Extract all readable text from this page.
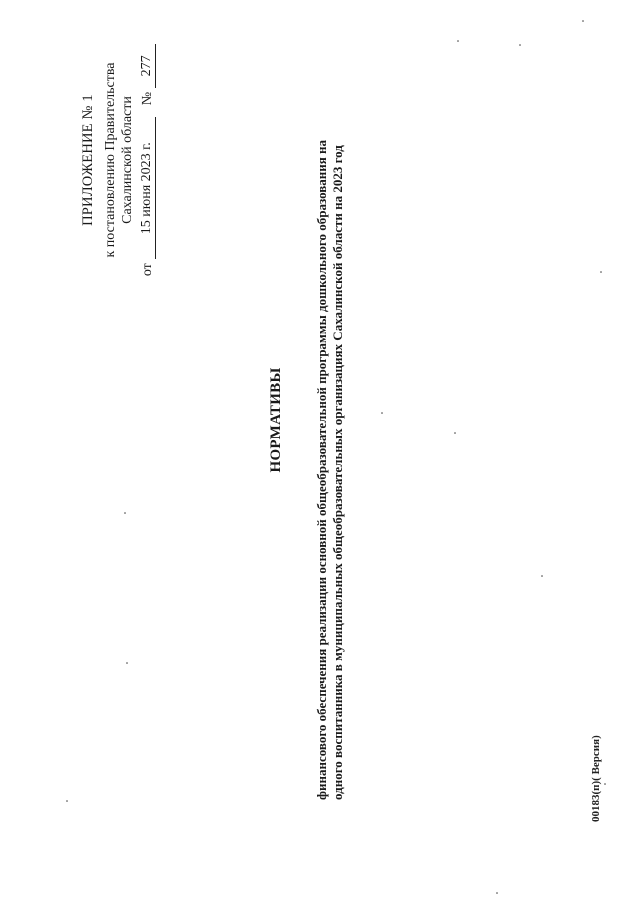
ПРИЛОЖЕНИЕ № 1 к постановлению Правительства Сахалинской области
от
15 июня 2023 г.
№
277
НОРМАТИВЫ финансового обеспечения реализации основной общеобразовательной программы дошкольного образования на одного воспитанника в муниципальных общеобразовательных организациях Сахалинской области на 2023 год	00183(п)( Версия)
